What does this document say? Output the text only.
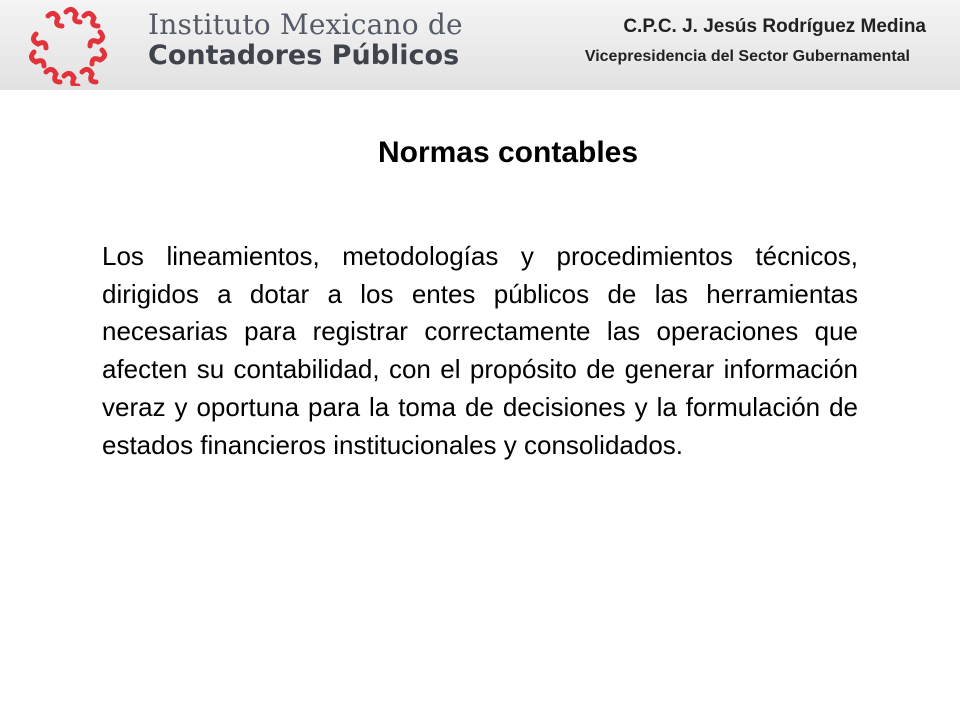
Instituto Mexicano de
Contadores Públicos
C.P.C. J. Jesús Rodríguez Medina
Vicepresidencia del Sector Gubernamental
Normas contables

Los lineamientos, metodologías y procedimientos técnicos, dirigidos a dotar a los entes públicos de las herramientas necesarias para registrar correctamente las operaciones que afecten su contabilidad, con el propósito de generar información veraz y oportuna para la toma de decisiones y la formulación de estados financieros institucionales y consolidados.
